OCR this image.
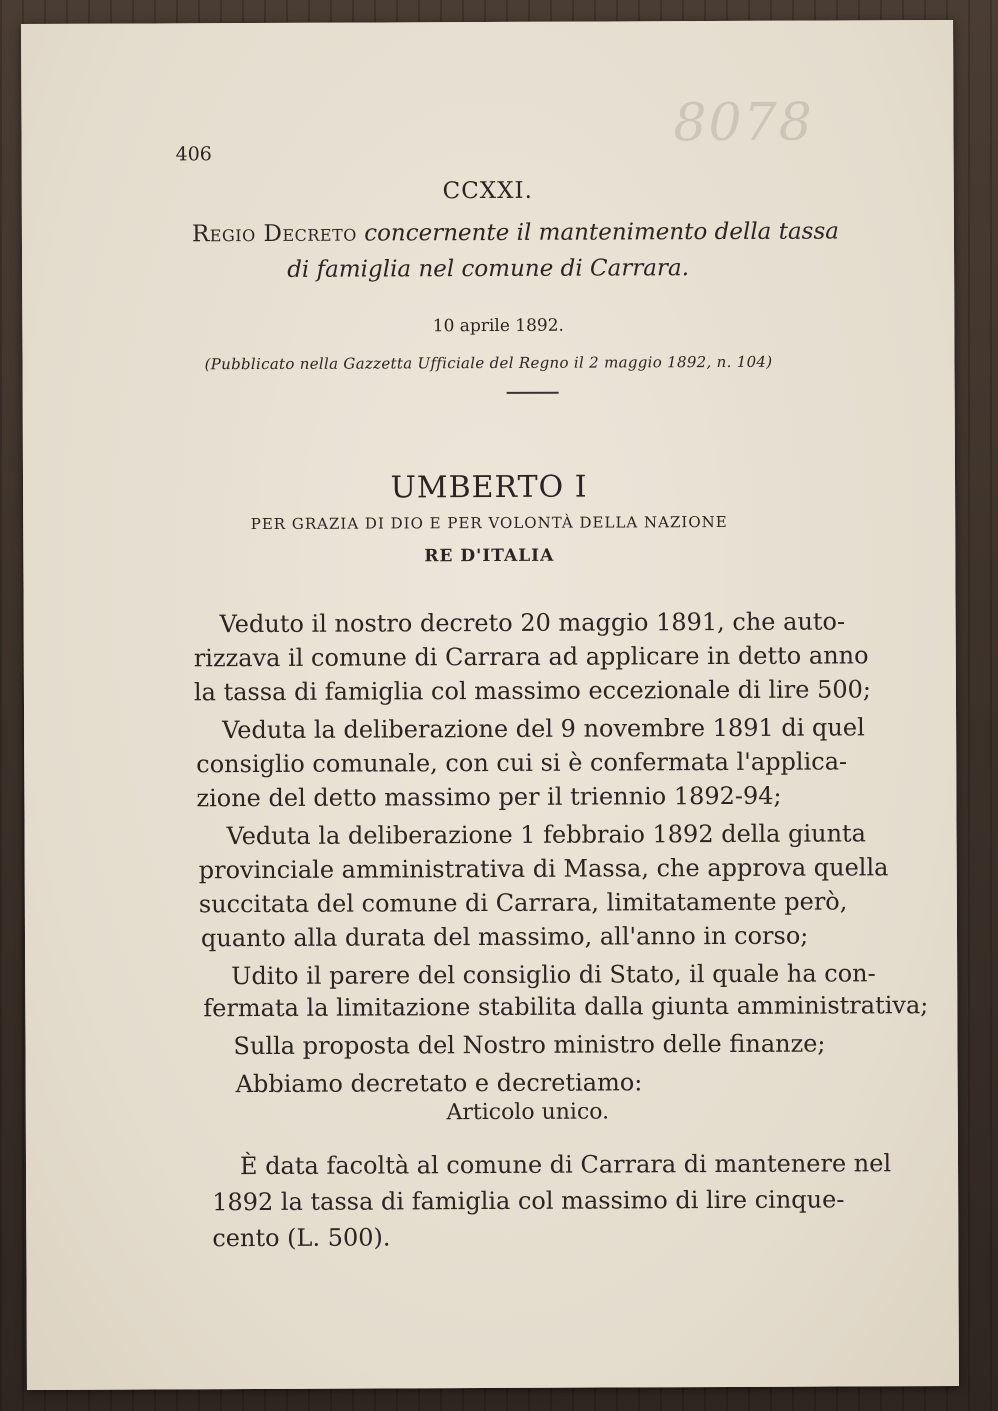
406
8078
CCXXI.
Regio Decreto concernente il mantenimento della tassa
di famiglia nel comune di Carrara.
10 aprile 1892.
(Pubblicato nella Gazzetta Ufficiale del Regno il 2 maggio 1892, n. 104)
UMBERTO I
PER GRAZIA DI DIO E PER VOLONTÀ DELLA NAZIONE
RE D'ITALIA
Veduto il nostro decreto 20 maggio 1891, che auto-
rizzava il comune di Carrara ad applicare in detto anno
la tassa di famiglia col massimo eccezionale di lire 500;
Veduta la deliberazione del 9 novembre 1891 di quel
consiglio comunale, con cui si è confermata l'applica-
zione del detto massimo per il triennio 1892-94;
Veduta la deliberazione 1 febbraio 1892 della giunta
provinciale amministrativa di Massa, che approva quella
succitata del comune di Carrara, limitatamente però,
quanto alla durata del massimo, all'anno in corso;
Udito il parere del consiglio di Stato, il quale ha con-
fermata la limitazione stabilita dalla giunta amministrativa;
Sulla proposta del Nostro ministro delle finanze;
Abbiamo decretato e decretiamo:
Articolo unico.
È data facoltà al comune di Carrara di mantenere nel
1892 la tassa di famiglia col massimo di lire cinque-
cento (L. 500).
